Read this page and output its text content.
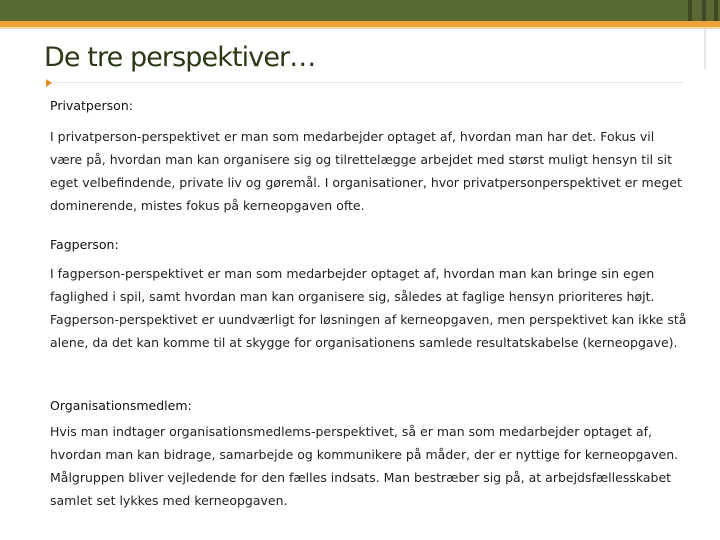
De tre perspektiver…
Privatperson:

I privatperson-perspektivet er man som medarbejder optaget af, hvordan man har det. Fokus vil være på, hvordan man kan organisere sig og tilrettelægge arbejdet med størst muligt hensyn til sit eget velbefindende, private liv og gøremål. I organisationer, hvor privatpersonperspektivet er meget dominerende, mistes fokus på kerneopgaven ofte.

Fagperson:

I fagperson-perspektivet er man som medarbejder optaget af, hvordan man kan bringe sin egen faglighed i spil, samt hvordan man kan organisere sig, således at faglige hensyn prioriteres højt. Fagperson-perspektivet er uundværligt for løsningen af kerneopgaven, men perspektivet kan ikke stå alene, da det kan komme til at skygge for organisationens samlede resultatskabelse (kerneopgave).

Organisationsmedlem:

Hvis man indtager organisationsmedlems-perspektivet, så er man som medarbejder optaget af, hvordan man kan bidrage, samarbejde og kommunikere på måder, der er nyttige for kerneopgaven. Målgruppen bliver vejledende for den fælles indsats. Man bestræber sig på, at arbejdsfællesskabet samlet set lykkes med kerneopgaven.
